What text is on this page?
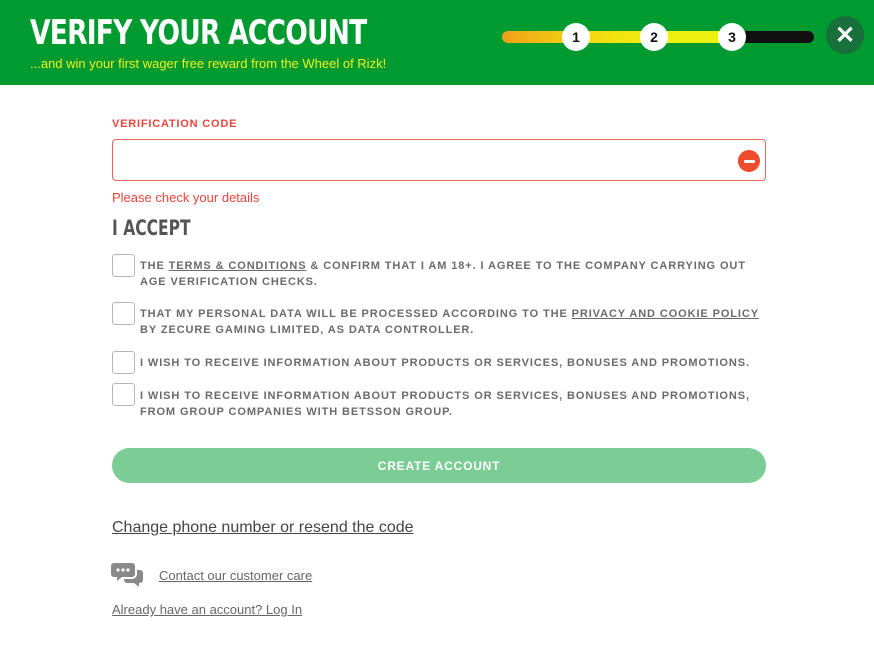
VERIFY YOUR ACCOUNT
...and win your first wager free reward from the Wheel of Rizk!
1	2	3	✕
VERIFICATION CODE
Please check your details
I ACCEPT
THE TERMS & CONDITIONS & CONFIRM THAT I AM 18+. I AGREE TO THE COMPANY CARRYING OUT AGE VERIFICATION CHECKS.
THAT MY PERSONAL DATA WILL BE PROCESSED ACCORDING TO THE PRIVACY AND COOKIE POLICY BY ZECURE GAMING LIMITED, AS DATA CONTROLLER.
I WISH TO RECEIVE INFORMATION ABOUT PRODUCTS OR SERVICES, BONUSES AND PROMOTIONS.
I WISH TO RECEIVE INFORMATION ABOUT PRODUCTS OR SERVICES, BONUSES AND PROMOTIONS, FROM GROUP COMPANIES WITH BETSSON GROUP.
CREATE ACCOUNT
Change phone number or resend the code
Contact our customer care
Already have an account? Log In
